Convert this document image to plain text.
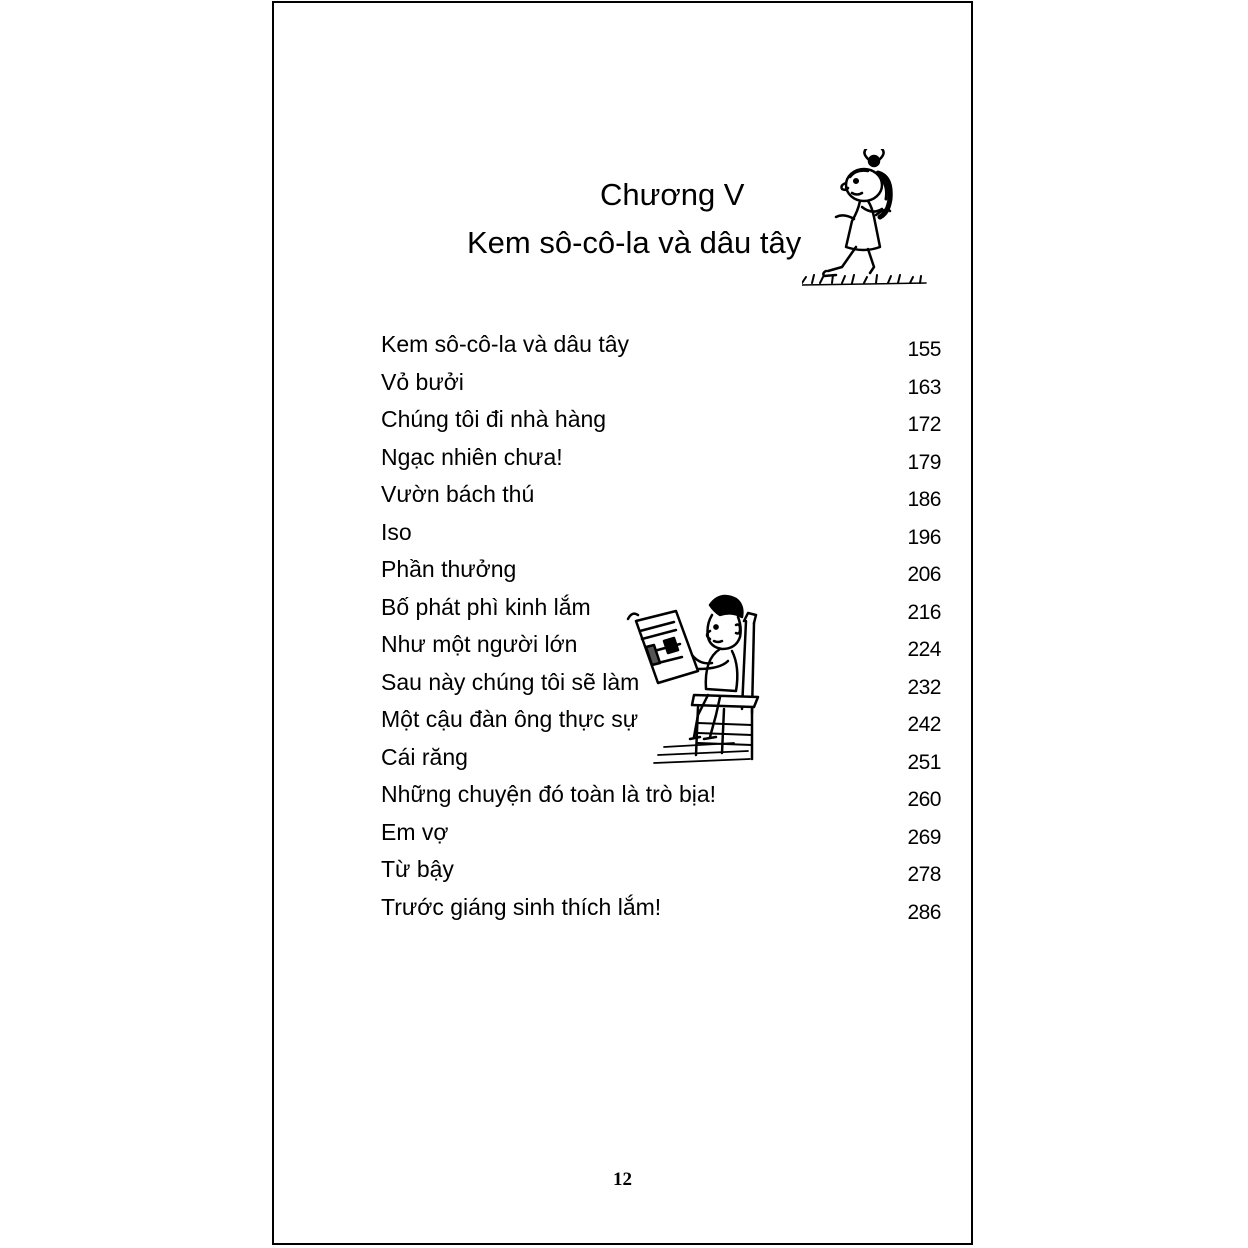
Chương V
Kem sô-cô-la và dâu tây
Kem sô-cô-la và dâu tây	155
Vỏ bưởi	163
Chúng tôi đi nhà hàng	172
Ngạc nhiên chưa!	179
Vườn bách thú	186
Iso	196
Phần thưởng	206
Bố phát phì kinh lắm	216
Như một người lớn	224
Sau này chúng tôi sẽ làm	232
Một cậu đàn ông thực sự	242
Cái răng	251
Những chuyện đó toàn là trò bịa!	260
Em vợ	269
Từ bậy	278
Trước giáng sinh thích lắm!	286
12
